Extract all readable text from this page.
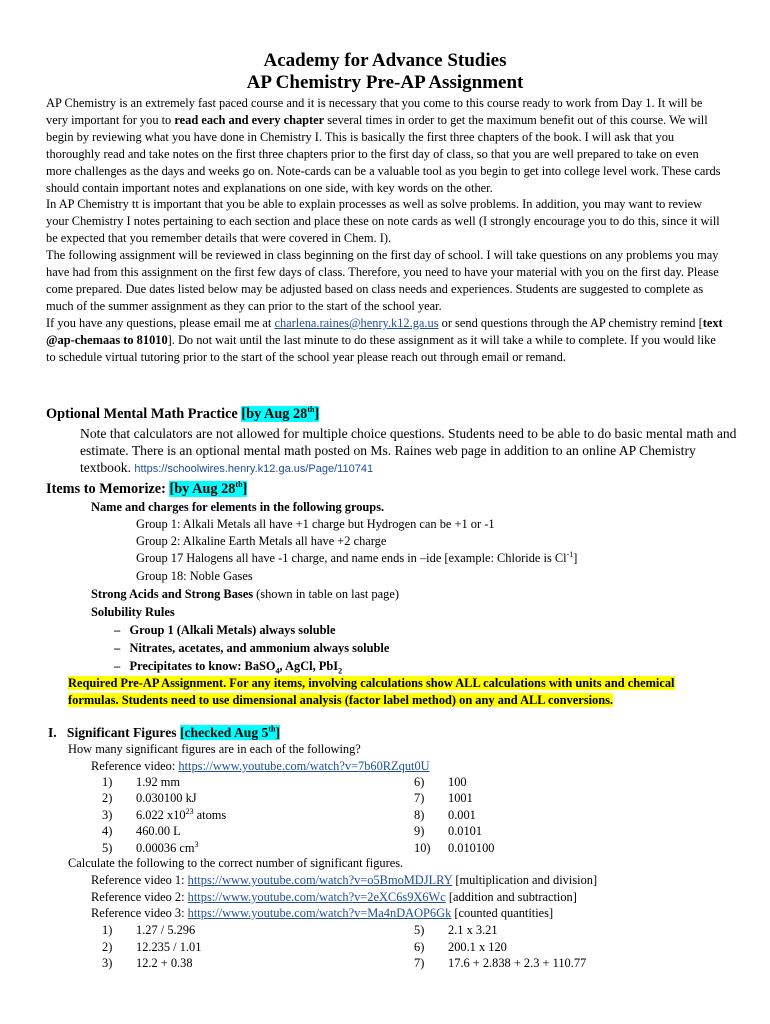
Academy for Advance Studies
AP Chemistry Pre-AP Assignment

AP Chemistry is an extremely fast paced course and it is necessary that you come to this course ready to work from Day 1. It will be very important for you to read each and every chapter several times in order to get the maximum benefit out of this course. We will begin by reviewing what you have done in Chemistry I. This is basically the first three chapters of the book. I will ask that you thoroughly read and take notes on the first three chapters prior to the first day of class, so that you are well prepared to take on even more challenges as the days and weeks go on. Note-cards can be a valuable tool as you begin to get into college level work. These cards should contain important notes and explanations on one side, with key words on the other.

In AP Chemistry tt is important that you be able to explain processes as well as solve problems. In addition, you may want to review your Chemistry I notes pertaining to each section and place these on note cards as well (I strongly encourage you to do this, since it will be expected that you remember details that were covered in Chem. I).

The following assignment will be reviewed in class beginning on the first day of school. I will take questions on any problems you may have had from this assignment on the first few days of class. Therefore, you need to have your material with you on the first day. Please come prepared. Due dates listed below may be adjusted based on class needs and experiences. Students are suggested to complete as much of the summer assignment as they can prior to the start of the school year.

If you have any questions, please email me at charlena.raines@henry.k12.ga.us or send questions through the AP chemistry remind [text @ap-chemaas to 81010]. Do not wait until the last minute to do these assignment as it will take a while to complete. If you would like to schedule virtual tutoring prior to the start of the school year please reach out through email or remand.

Optional Mental Math Practice [by Aug 28th]
Note that calculators are not allowed for multiple choice questions. Students need to be able to do basic mental math and estimate. There is an optional mental math posted on Ms. Raines web page in addition to an online AP Chemistry textbook. https://schoolwires.henry.k12.ga.us/Page/110741
Items to Memorize: [by Aug 28th]
Name and charges for elements in the following groups.
Group 1: Alkali Metals all have +1 charge but Hydrogen can be +1 or -1
Group 2: Alkaline Earth Metals all have +2 charge
Group 17 Halogens all have -1 charge, and name ends in –ide [example: Chloride is $Cl^{-1}$]
Group 18: Noble Gases
Strong Acids and Strong Bases (shown in table on last page)
Solubility Rules
– Group 1 (Alkali Metals) always soluble
– Nitrates, acetates, and ammonium always soluble
– Precipitates to know: BaSO$_4$, AgCl, PbI$_2$
Required Pre-AP Assignment. For any items, involving calculations show ALL calculations with units and chemical formulas. Students need to use dimensional analysis (factor label method) on any and ALL conversions.
I. Significant Figures [checked Aug 5th]
How many significant figures are in each of the following?
Reference video: https://www.youtube.com/watch?v=7b60RZqut0U
1) 1.92 mm
2) 0.030100 kJ
3) 6.022 $x10^{23}$ atoms
4) 460.00 L
5) 0.00036 $cm^3$
6) 100
7) 1001
8) 0.001
9) 0.0101
10) 0.010100
Calculate the following to the correct number of significant figures.
Reference video 1: https://www.youtube.com/watch?v=o5BmoMDJLRY [multiplication and division]
Reference video 2: https://www.youtube.com/watch?v=2eXC6s9X6Wc [addition and subtraction]
Reference video 3: https://www.youtube.com/watch?v=Ma4nDAOP6Gk [counted quantities]
1) 1.27 / 5.296
2) 12.235 / 1.01
3) 12.2 + 0.38
5) 2.1 x 3.21
6) 200.1 x 120
7) 17.6 + 2.838 + 2.3 + 110.77
